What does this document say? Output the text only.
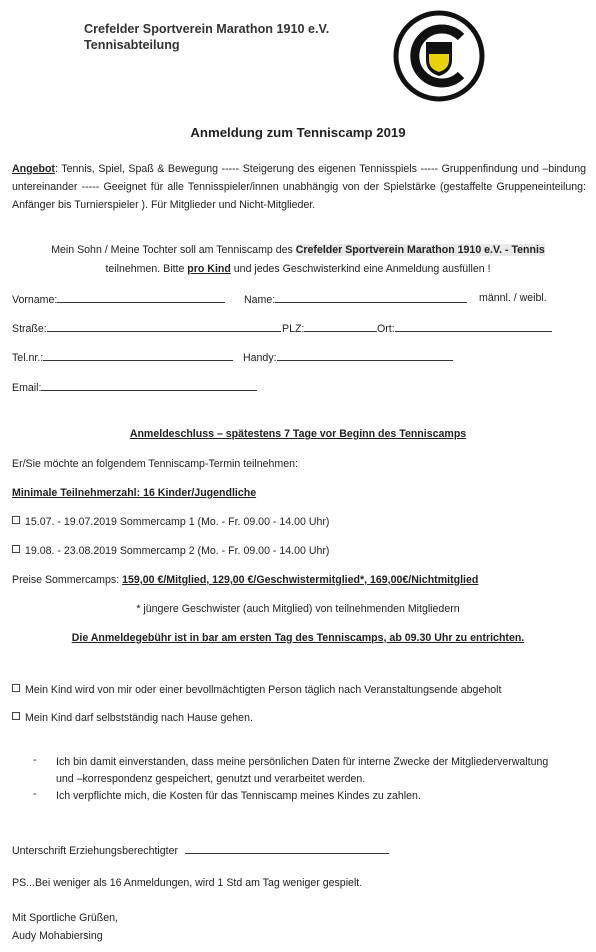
Crefelder Sportverein Marathon 1910 e.V.
Tennisabteilung
Anmeldung zum Tenniscamp 2019
Angebot: Tennis, Spiel, Spaß & Bewegung ----- Steigerung des eigenen Tennisspiels ----- Gruppenfindung und –bindung untereinander ----- Geeignet für alle Tennisspieler/innen unabhängig von der Spielstärke (gestaffelte Gruppeneinteilung: Anfänger bis Turnierspieler ). Für Mitglieder und Nicht-Mitglieder.
Mein Sohn / Meine Tochter soll am Tenniscamp des Crefelder Sportverein Marathon 1910 e.V. - Tennis
teilnehmen. Bitte pro Kind und jedes Geschwisterkind eine Anmeldung ausfüllen !
Vorname:	Name:	männl. / weibl.
Straße:	PLZ:	Ort:
Tel.nr.:	Handy:
Email:
Anmeldeschluss – spätestens 7 Tage vor Beginn des Tenniscamps
Er/Sie möchte an folgendem Tenniscamp-Termin teilnehmen:
Minimale Teilnehmerzahl: 16 Kinder/Jugendliche
15.07. - 19.07.2019 Sommercamp 1 (Mo. - Fr. 09.00 - 14.00 Uhr)
19.08. - 23.08.2019 Sommercamp 2 (Mo. - Fr. 09.00 - 14.00 Uhr)
Preise Sommercamps: 159,00 €/Mitglied, 129,00 €/Geschwistermitglied*, 169,00€/Nichtmitglied
* jüngere Geschwister (auch Mitglied) von teilnehmenden Mitgliedern
Die Anmeldegebühr ist in bar am ersten Tag des Tenniscamps, ab 09.30 Uhr zu entrichten.
Mein Kind wird von mir oder einer bevollmächtigten Person täglich nach Veranstaltungsende abgeholt
Mein Kind darf selbstständig nach Hause gehen.
- Ich bin damit einverstanden, dass meine persönlichen Daten für interne Zwecke der Mitgliederverwaltung
und –korrespondenz gespeichert, genutzt und verarbeitet werden.
- Ich verpflichte mich, die Kosten für das Tenniscamp meines Kindes zu zahlen.
Unterschrift Erziehungsberechtigter
PS...Bei weniger als 16 Anmeldungen, wird 1 Std am Tag weniger gespielt.
Mit Sportliche Grüßen,
Audy Mohabiersing
